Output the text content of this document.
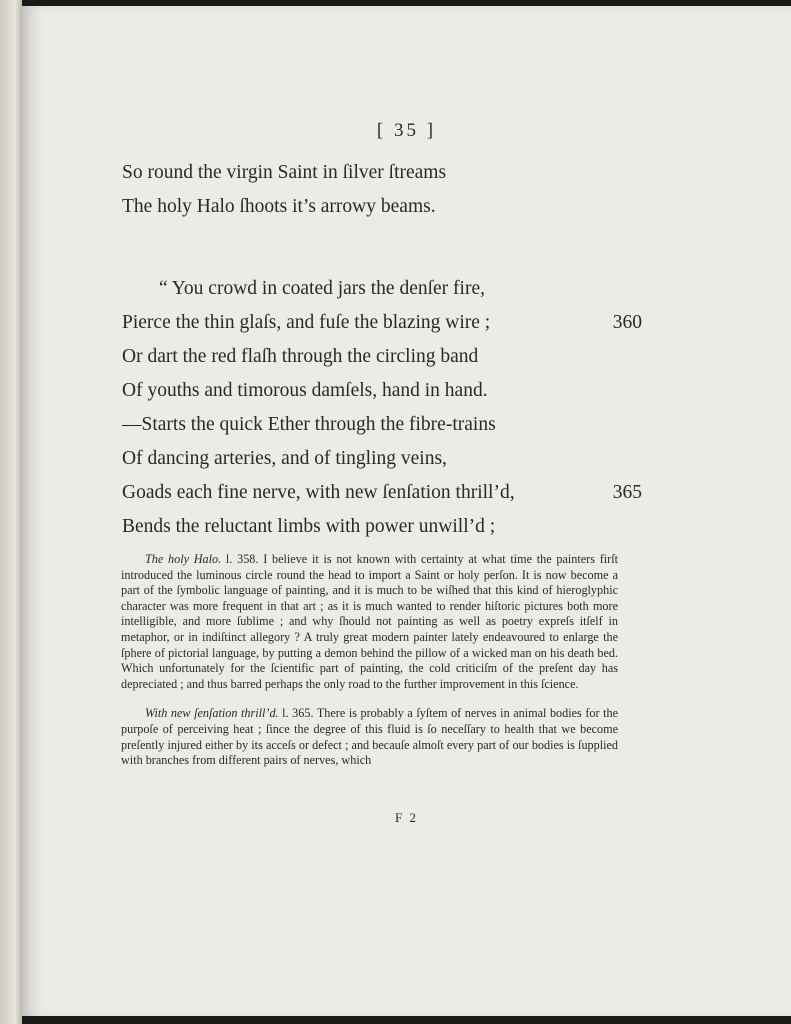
[ 35 ]
So round the virgin Saint in ſilver ſtreams
The holy Halo ſhoots it’s arrowy beams.
“ You crowd in coated jars the denſer fire,
Pierce the thin glaſs, and fuſe the blazing wire ;	360
Or dart the red flaſh through the circling band
Of youths and timorous damſels, hand in hand.
—Starts the quick Ether through the fibre-trains
Of dancing arteries, and of tingling veins,
Goads each fine nerve, with new ſenſation thrill’d,	365
Bends the reluctant limbs with power unwill’d ;

The holy Halo. l. 358. I believe it is not known with certainty at what time the painters firſt introduced the luminous circle round the head to import a Saint or holy perſon. It is now become a part of the ſymbolic language of painting, and it is much to be wiſhed that this kind of hieroglyphic character was more frequent in that art ; as it is much wanted to render hiſtoric pictures both more intelligible, and more ſublime ; and why ſhould not painting as well as poetry expreſs itſelf in metaphor, or in indiſtinct allegory ? A truly great modern painter lately endeavoured to enlarge the ſphere of pictorial language, by putting a demon behind the pillow of a wicked man on his death bed. Which unfortunately for the ſcientific part of painting, the cold criticiſm of the preſent day has depreciated ; and thus barred perhaps the only road to the further improvement in this ſcience.

With new ſenſation thrill’d. l. 365. There is probably a ſyſtem of nerves in animal bodies for the purpoſe of perceiving heat ; ſince the degree of this fluid is ſo neceſſary to health that we become preſently injured either by its acceſs or defect ; and becauſe almoſt every part of our bodies is ſupplied with branches from different pairs of nerves, which

F 2
